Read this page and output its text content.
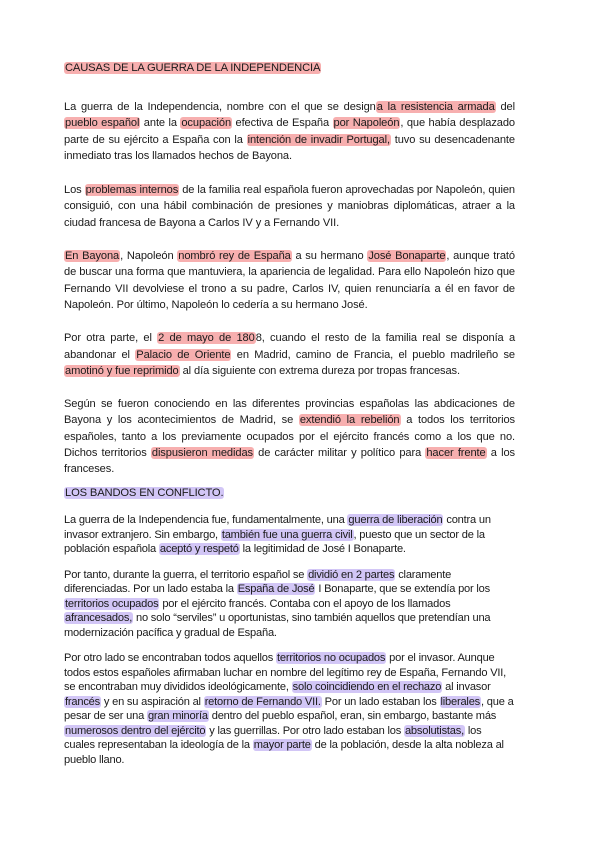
CAUSAS DE LA GUERRA DE LA INDEPENDENCIA

La guerra de la Independencia, nombre con el que se designa la resistencia armada del pueblo español ante la ocupación efectiva de España por Napoleón, que había desplazado parte de su ejército a España con la intención de invadir Portugal, tuvo su desencadenante inmediato tras los llamados hechos de Bayona.

Los problemas internos de la familia real española fueron aprovechadas por Napoleón, quien consiguió, con una hábil combinación de presiones y maniobras diplomáticas, atraer a la ciudad francesa de Bayona a Carlos IV y a Fernando VII.

En Bayona, Napoleón nombró rey de España a su hermano José Bonaparte, aunque trató de buscar una forma que mantuviera, la apariencia de legalidad. Para ello Napoleón hizo que Fernando VII devolviese el trono a su padre, Carlos IV, quien renunciaría a él en favor de Napoleón. Por último, Napoleón lo cedería a su hermano José.

Por otra parte, el 2 de mayo de 1808, cuando el resto de la familia real se disponía a abandonar el Palacio de Oriente en Madrid, camino de Francia, el pueblo madrileño se amotinó y fue reprimido al día siguiente con extrema dureza por tropas francesas.

Según se fueron conociendo en las diferentes provincias españolas las abdicaciones de Bayona y los acontecimientos de Madrid, se extendió la rebelión a todos los territorios españoles, tanto a los previamente ocupados por el ejército francés como a los que no. Dichos territorios dispusieron medidas de carácter militar y político para hacer frente a los franceses.

LOS BANDOS EN CONFLICTO.

La guerra de la Independencia fue, fundamentalmente, una guerra de liberación contra un invasor extranjero. Sin embargo, también fue una guerra civil, puesto que un sector de la población española aceptó y respetó la legitimidad de José I Bonaparte.

Por tanto, durante la guerra, el territorio español se dividió en 2 partes claramente diferenciadas. Por un lado estaba la España de José I Bonaparte, que se extendía por los territorios ocupados por el ejército francés. Contaba con el apoyo de los llamados afrancesados, no solo “serviles” u oportunistas, sino también aquellos que pretendían una modernización pacífica y gradual de España.

Por otro lado se encontraban todos aquellos territorios no ocupados por el invasor. Aunque todos estos españoles afirmaban luchar en nombre del legítimo rey de España, Fernando VII, se encontraban muy divididos ideológicamente, solo coincidiendo en el rechazo al invasor francés y en su aspiración al retorno de Fernando VII. Por un lado estaban los liberales, que a pesar de ser una gran minoría dentro del pueblo español, eran, sin embargo, bastante más numerosos dentro del ejército y las guerrillas. Por otro lado estaban los absolutistas, los cuales representaban la ideología de la mayor parte de la población, desde la alta nobleza al pueblo llano.
